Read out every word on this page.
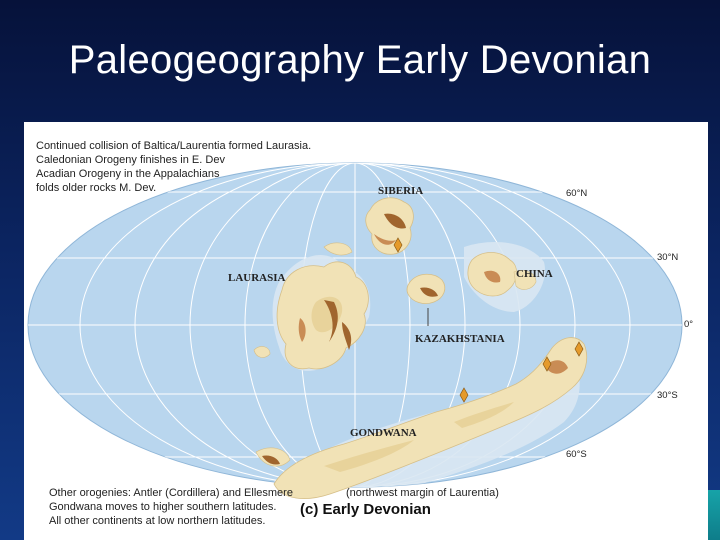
Paleogeography Early Devonian
60°N
30°N
0°
30°S
60°S
SIBERIA
CHINA
LAURASIA
KAZAKHSTANIA
GONDWANA
(c) Early Devonian
Continued collision of Baltica/Laurentia formed Laurasia.
Caledonian Orogeny finishes in E. Dev
Acadian Orogeny in the Appalachians
folds older rocks M. Dev.
Other orogenies: Antler (Cordillera) and Ellesmere
Gondwana moves to higher southern latitudes.
All other continents at low northern latitudes.
(northwest margin of Laurentia)
